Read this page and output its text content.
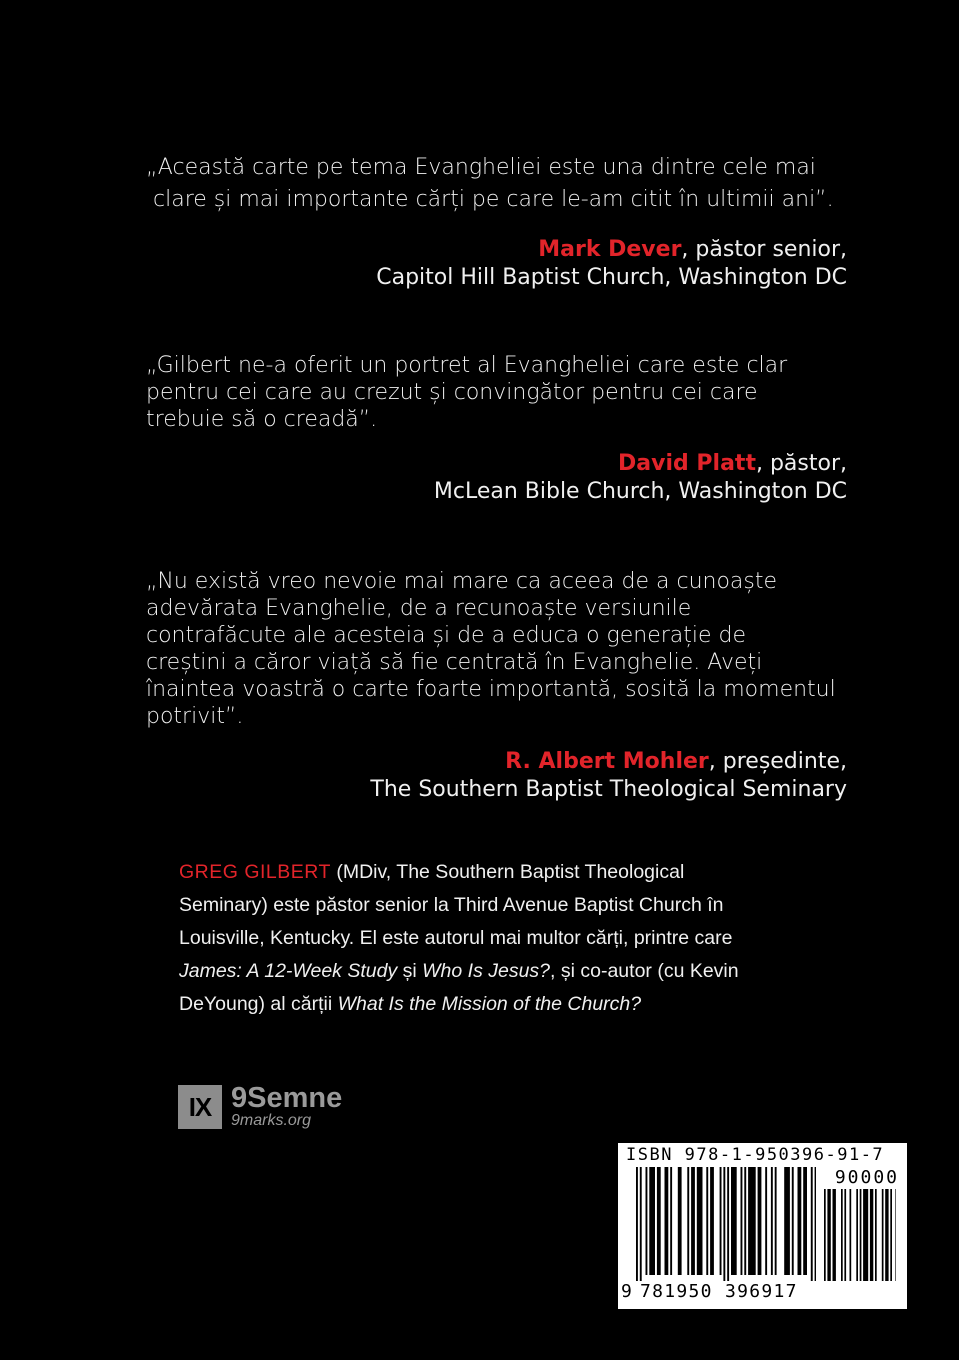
„Această carte pe tema Evangheliei este una dintre cele mai
clare și mai importante cărți pe care le-am citit în ultimii ani”.

Mark Dever, păstor senior,
Capitol Hill Baptist Church, Washington DC

„Gilbert ne-a oferit un portret al Evangheliei care este clar
pentru cei care au crezut și convingător pentru cei care
trebuie să o creadă”.

David Platt, păstor,
McLean Bible Church, Washington DC

„Nu există vreo nevoie mai mare ca aceea de a cunoaște
adevărata Evanghelie, de a recunoaște versiunile
contrafăcute ale acesteia și de a educa o generație de
creștini a căror viață să fie centrată în Evanghelie. Aveți
înaintea voastră o carte foarte importantă, sosită la momentul
potrivit”.

R. Albert Mohler, președinte,
The Southern Baptist Theological Seminary
GREG GILBERT (MDiv, The Southern Baptist Theological
Seminary) este păstor senior la Third Avenue Baptist Church în
Louisville, Kentucky. El este autorul mai multor cărți, printre care
James: A 12-Week Study și Who Is Jesus?, și co-autor (cu Kevin
DeYoung) al cărții What Is the Mission of the Church?
IX 9Semne
9marks.org
ISBN 978-1-950396-91-7
90000
9 781950 396917
